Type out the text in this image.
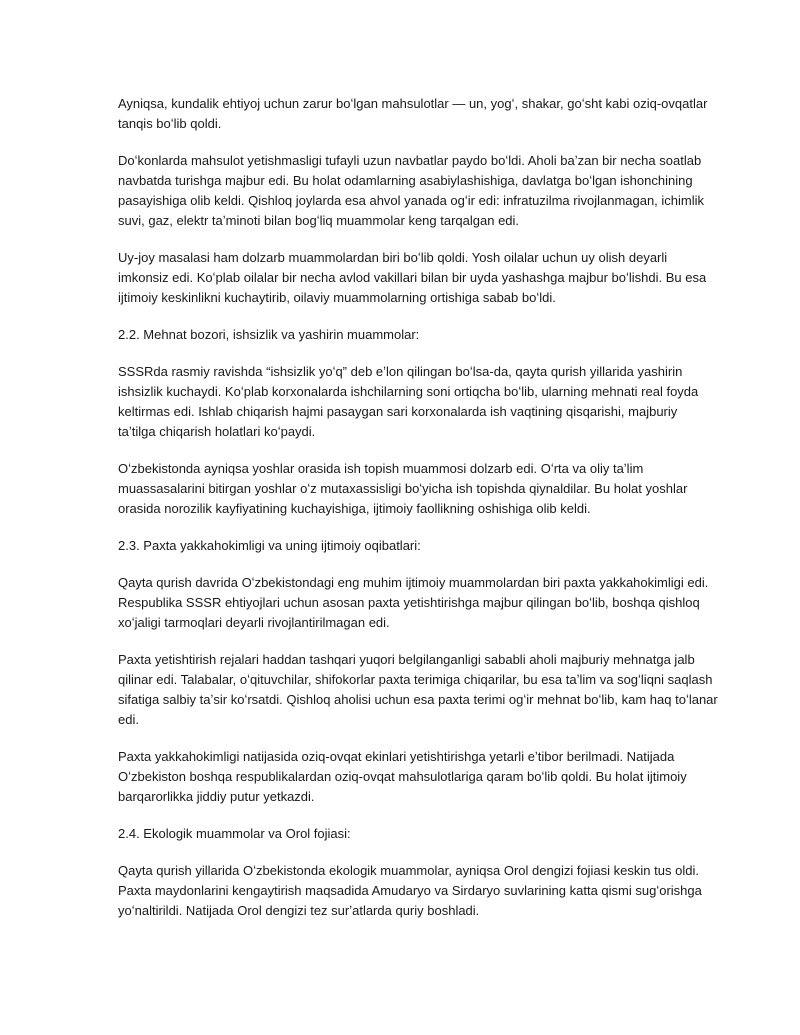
Ayniqsa, kundalik ehtiyoj uchun zarur boʻlgan mahsulotlar — un, yogʻ, shakar, goʻsht kabi oziq-ovqatlar tanqis boʻlib qoldi.

Doʻkonlarda mahsulot yetishmasligi tufayli uzun navbatlar paydo boʻldi. Aholi baʼzan bir necha soatlab navbatda turishga majbur edi. Bu holat odamlarning asabiylashishiga, davlatga boʻlgan ishonchining pasayishiga olib keldi. Qishloq joylarda esa ahvol yanada ogʻir edi: infratuzilma rivojlanmagan, ichimlik suvi, gaz, elektr taʼminoti bilan bogʻliq muammolar keng tarqalgan edi.

Uy-joy masalasi ham dolzarb muammolardan biri boʻlib qoldi. Yosh oilalar uchun uy olish deyarli imkonsiz edi. Koʻplab oilalar bir necha avlod vakillari bilan bir uyda yashashga majbur boʻlishdi. Bu esa ijtimoiy keskinlikni kuchaytirib, oilaviy muammolarning ortishiga sabab boʻldi.

2.2. Mehnat bozori, ishsizlik va yashirin muammolar:

SSSRda rasmiy ravishda “ishsizlik yoʻq” deb eʼlon qilingan boʻlsa-da, qayta qurish yillarida yashirin ishsizlik kuchaydi. Koʻplab korxonalarda ishchilarning soni ortiqcha boʻlib, ularning mehnati real foyda keltirmas edi. Ishlab chiqarish hajmi pasaygan sari korxonalarda ish vaqtining qisqarishi, majburiy taʼtilga chiqarish holatlari koʻpaydi.

Oʻzbekistonda ayniqsa yoshlar orasida ish topish muammosi dolzarb edi. Oʻrta va oliy taʼlim muassasalarini bitirgan yoshlar oʻz mutaxassisligi boʻyicha ish topishda qiynaldilar. Bu holat yoshlar orasida norozilik kayfiyatining kuchayishiga, ijtimoiy faollikning oshishiga olib keldi.

2.3. Paxta yakkahokimligi va uning ijtimoiy oqibatlari:

Qayta qurish davrida Oʻzbekistondagi eng muhim ijtimoiy muammolardan biri paxta yakkahokimligi edi. Respublika SSSR ehtiyojlari uchun asosan paxta yetishtirishga majbur qilingan boʻlib, boshqa qishloq xoʻjaligi tarmoqlari deyarli rivojlantirilmagan edi.

Paxta yetishtirish rejalari haddan tashqari yuqori belgilanganligi sababli aholi majburiy mehnatga jalb qilinar edi. Talabalar, oʻqituvchilar, shifokorlar paxta terimiga chiqarilar, bu esa taʼlim va sogʻliqni saqlash sifatiga salbiy taʼsir koʻrsatdi. Qishloq aholisi uchun esa paxta terimi ogʻir mehnat boʻlib, kam haq toʻlanar edi.

Paxta yakkahokimligi natijasida oziq-ovqat ekinlari yetishtirishga yetarli eʼtibor berilmadi. Natijada Oʻzbekiston boshqa respublikalardan oziq-ovqat mahsulotlariga qaram boʻlib qoldi. Bu holat ijtimoiy barqarorlikka jiddiy putur yetkazdi.

2.4. Ekologik muammolar va Orol fojiasi:

Qayta qurish yillarida Oʻzbekistonda ekologik muammolar, ayniqsa Orol dengizi fojiasi keskin tus oldi. Paxta maydonlarini kengaytirish maqsadida Amudaryo va Sirdaryo suvlarining katta qismi sugʻorishga yoʻnaltirildi. Natijada Orol dengizi tez surʼatlarda quriy boshladi.
